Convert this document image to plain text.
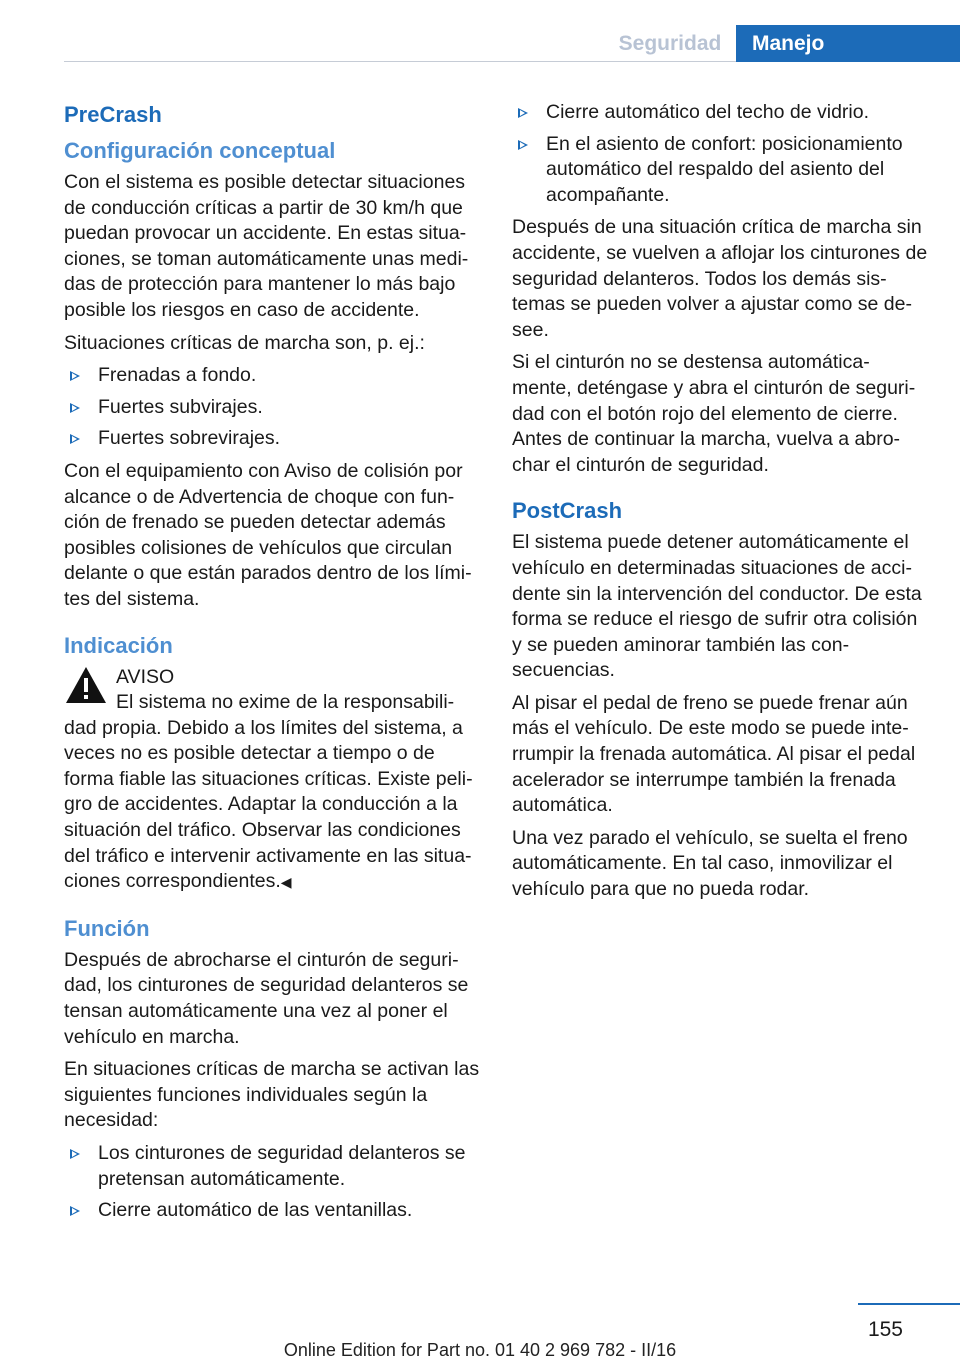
Seguridad	Manejo
PreCrash
Configuración conceptual

Con el sistema es posible detectar situaciones de conducción críticas a partir de 30 km/h que puedan provocar un accidente. En estas situa‐ciones, se toman automáticamente unas medi‐das de protección para mantener lo más bajo posible los riesgos en caso de accidente.

Situaciones críticas de marcha son, p. ej.:

Frenadas a fondo.
Fuertes subvirajes.
Fuertes sobrevirajes.

Con el equipamiento con Aviso de colisión por alcance o de Advertencia de choque con fun‐ción de frenado se pueden detectar además posibles colisiones de vehículos que circulan delante o que están parados dentro de los lími‐tes del sistema.

Indicación
AVISO
El sistema no exime de la responsabili‐dad propia. Debido a los límites del sistema, a veces no es posible detectar a tiempo o de forma fiable las situaciones críticas. Existe peli‐gro de accidentes. Adaptar la conducción a la situación del tráfico. Observar las condiciones del tráfico e intervenir activamente en las situa‐ciones correspondientes.◀
Función

Después de abrocharse el cinturón de seguri‐dad, los cinturones de seguridad delanteros se tensan automáticamente una vez al poner el vehículo en marcha.

En situaciones críticas de marcha se activan las siguientes funciones individuales según la necesidad:

Los cinturones de seguridad delanteros se pretensan automáticamente.
Cierre automático de las ventanillas.
Cierre automático del techo de vidrio.
En el asiento de confort: posicionamiento automático del respaldo del asiento del acompañante.

Después de una situación crítica de marcha sin accidente, se vuelven a aflojar los cinturones de seguridad delanteros. Todos los demás sis‐temas se pueden volver a ajustar como se de‐see.

Si el cinturón no se destensa automática‐mente, deténgase y abra el cinturón de seguri‐dad con el botón rojo del elemento de cierre. Antes de continuar la marcha, vuelva a abro‐char el cinturón de seguridad.

PostCrash

El sistema puede detener automáticamente el vehículo en determinadas situaciones de acci‐dente sin la intervención del conductor. De esta forma se reduce el riesgo de sufrir otra colisión y se pueden aminorar también las con‐secuencias.

Al pisar el pedal de freno se puede frenar aún más el vehículo. De este modo se puede inte‐rrumpir la frenada automática. Al pisar el pedal acelerador se interrumpe también la frenada automática.

Una vez parado el vehículo, se suelta el freno automáticamente. En tal caso, inmovilizar el vehículo para que no pueda rodar.

155
Online Edition for Part no. 01 40 2 969 782 - II/16
